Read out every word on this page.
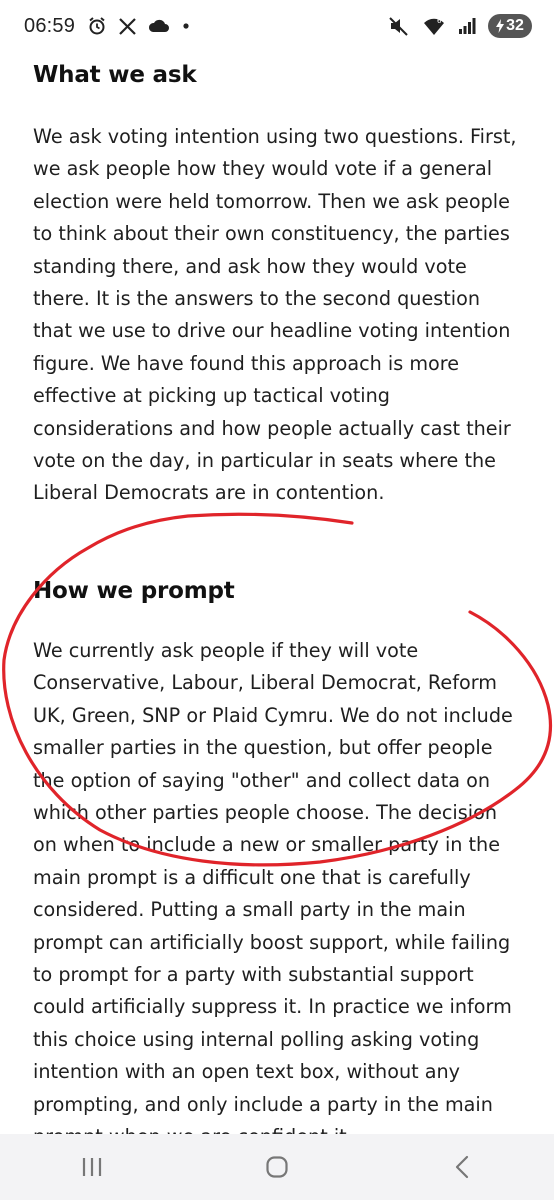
06:59	6	32
What we ask

We ask voting intention using two questions. First, we ask people how they would vote if a general election were held tomorrow. Then we ask people to think about their own constituency, the parties standing there, and ask how they would vote there. It is the answers to the second question that we use to drive our headline voting intention figure. We have found this approach is more effective at picking up tactical voting considerations and how people actually cast their vote on the day, in particular in seats where the Liberal Democrats are in contention.

How we prompt

We currently ask people if they will vote Conservative, Labour, Liberal Democrat, Reform UK, Green, SNP or Plaid Cymru. We do not include smaller parties in the question, but offer people the option of saying "other" and collect data on which other parties people choose. The decision on when to include a new or smaller party in the main prompt is a difficult one that is carefully considered. Putting a small party in the main prompt can artificially boost support, while failing to prompt for a party with substantial support could artificially suppress it. In practice we inform this choice using internal polling asking voting intention with an open text box, without any prompting, and only include a party in the main
